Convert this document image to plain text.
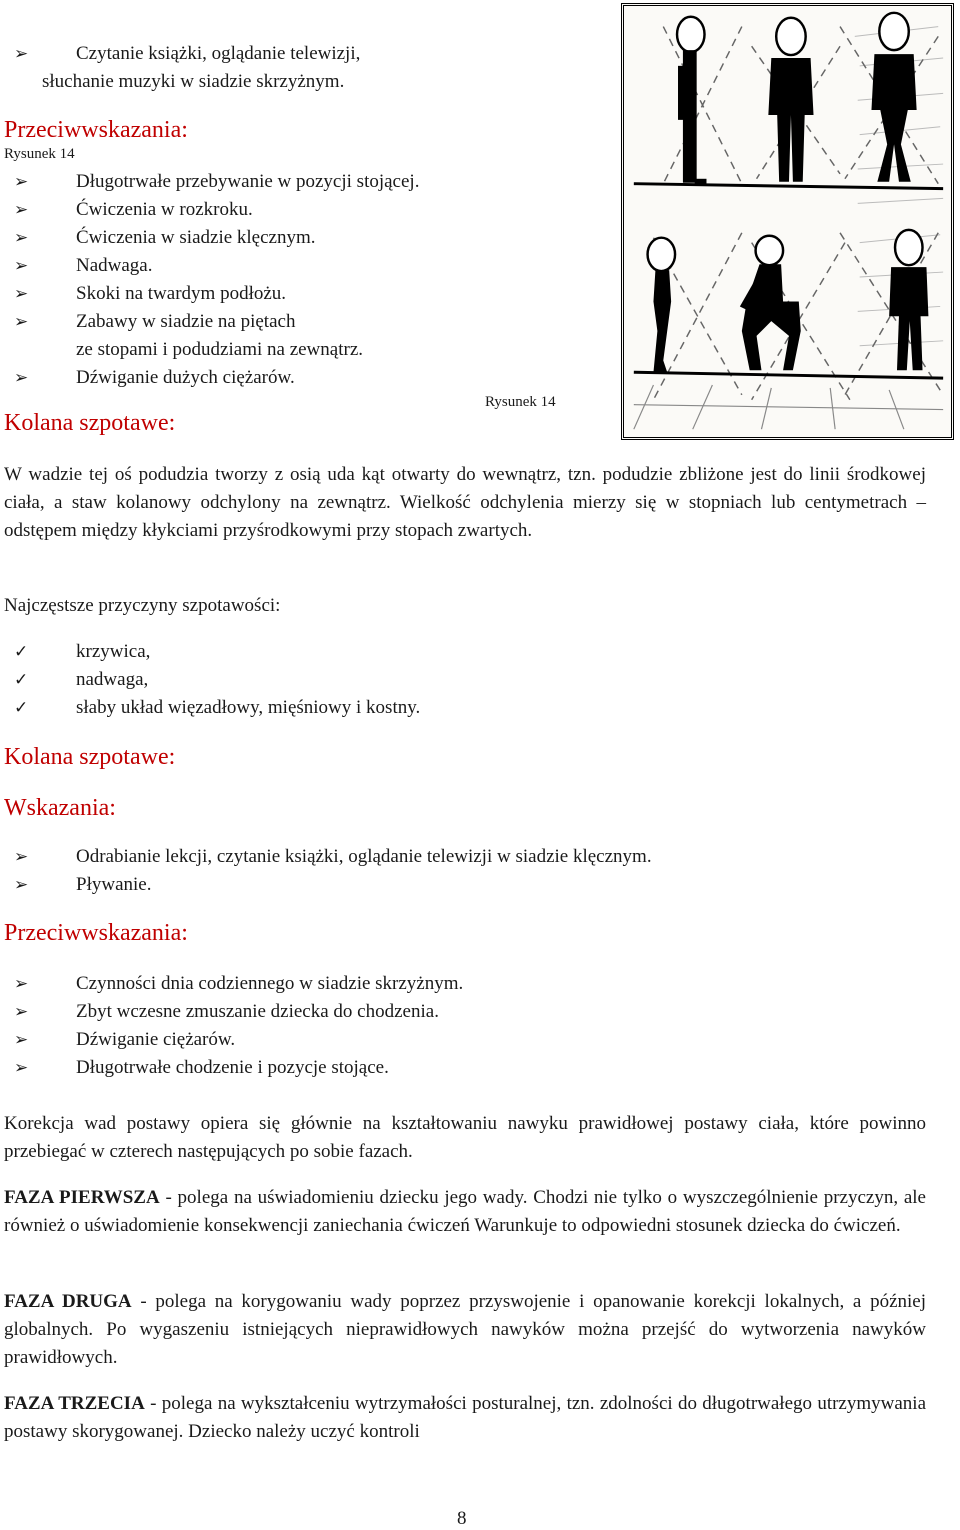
➢	Czytanie książki, oglądanie telewizji,
słuchanie muzyki w siadzie skrzyżnym.
Przeciwwskazania:
Rysunek 14
➢	Długotrwałe przebywanie w pozycji stojącej.
➢	Ćwiczenia w rozkroku.
➢	Ćwiczenia w siadzie klęcznym.
➢	Nadwaga.
➢	Skoki na twardym podłożu.
➢	Zabawy w siadzie na piętach
ze stopami i podudziami na zewnątrz.
➢	Dźwiganie dużych ciężarów.
Rysunek 14
Kolana szpotawe:
W wadzie tej oś podudzia tworzy z osią uda kąt otwarty do wewnątrz, tzn. podudzie zbliżone jest do linii środkowej ciała, a staw kolanowy odchylony na zewnątrz. Wielkość odchylenia mierzy się w stopniach lub centymetrach – odstępem między kłykciami przyśrodkowymi przy stopach zwartych.
Najczęstsze przyczyny szpotawości:
✓	krzywica,
✓	nadwaga,
✓	słaby układ więzadłowy, mięśniowy i kostny.
Kolana szpotawe:
Wskazania:
➢	Odrabianie lekcji, czytanie książki, oglądanie telewizji w siadzie klęcznym.
➢	Pływanie.
Przeciwwskazania:
➢	Czynności dnia codziennego w siadzie skrzyżnym.
➢	Zbyt wczesne zmuszanie dziecka do chodzenia.
➢	Dźwiganie ciężarów.
➢	Długotrwałe chodzenie i pozycje stojące.
Korekcja wad postawy opiera się głównie na kształtowaniu nawyku prawidłowej postawy ciała, które powinno przebiegać w czterech następujących po sobie fazach.
FAZA PIERWSZA - polega na uświadomieniu dziecku jego wady. Chodzi nie tylko o wyszczególnienie przyczyn, ale również o uświadomienie konsekwencji zaniechania ćwiczeń Warunkuje to odpowiedni stosunek dziecka do ćwiczeń.
FAZA DRUGA - polega na korygowaniu wady poprzez przyswojenie i opanowanie korekcji lokalnych, a później globalnych. Po wygaszeniu istniejących nieprawidłowych nawyków można przejść do wytworzenia nawyków prawidłowych.
FAZA TRZECIA - polega na wykształceniu wytrzymałości posturalnej, tzn. zdolności do długotrwałego utrzymywania postawy skorygowanej. Dziecko należy uczyć kontroli
8
